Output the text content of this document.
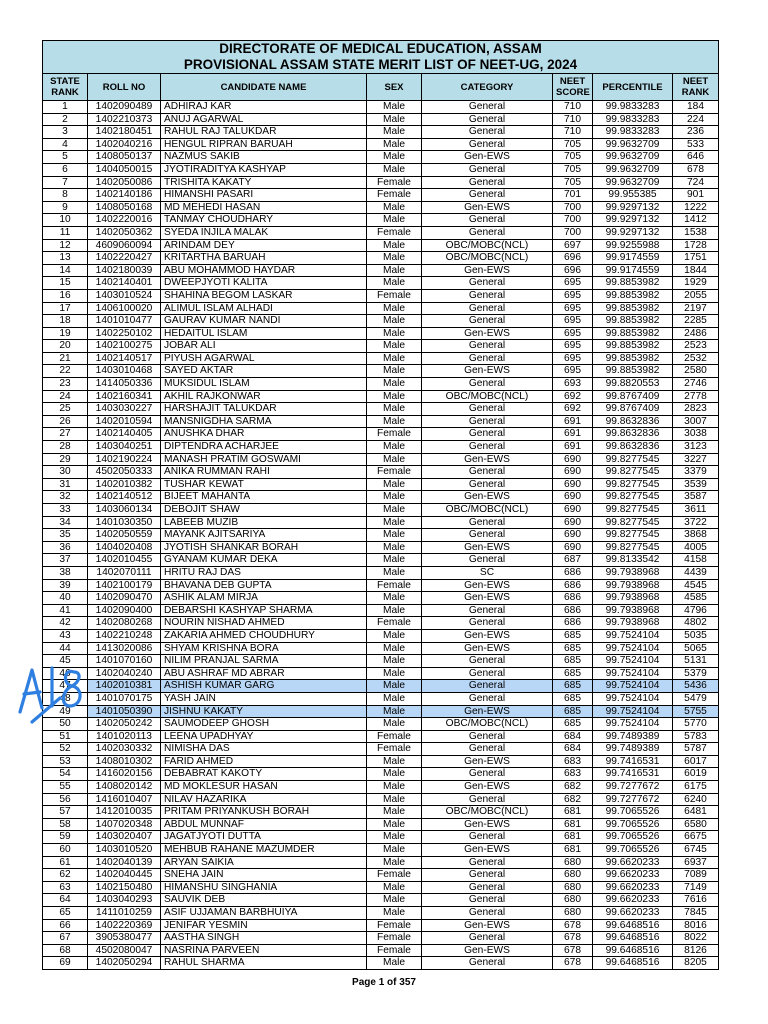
DIRECTORATE OF MEDICAL EDUCATION, ASSAM							
PROVISIONAL ASSAM STATE MERIT LIST OF NEET-UG, 2024							
STATE RANK	ROLL NO	CANDIDATE NAME	SEX	CATEGORY	NEET SCORE	PERCENTILE	NEET RANK
1	1402090489	ADHIRAJ KAR	Male	General	710	99.9833283	184
2	1402210373	ANUJ AGARWAL	Male	General	710	99.9833283	224
3	1402180451	RAHUL RAJ TALUKDAR	Male	General	710	99.9833283	236
4	1402040216	HENGUL RIPRAN BARUAH	Male	General	705	99.9632709	533
5	1408050137	NAZMUS SAKIB	Male	Gen-EWS	705	99.9632709	646
6	1404050015	JYOTIRADITYA KASHYAP	Male	General	705	99.9632709	678
7	1402050086	TRISHITA KAKATY	Female	General	705	99.9632709	724
8	1402140186	HIMANSHI PASARI	Female	General	701	99.955385	901
9	1408050168	MD MEHEDI HASAN	Male	Gen-EWS	700	99.9297132	1222
10	1402220016	TANMAY CHOUDHARY	Male	General	700	99.9297132	1412
11	1402050362	SYEDA INJILA MALAK	Female	General	700	99.9297132	1538
12	4609060094	ARINDAM DEY	Male	OBC/MOBC(NCL)	697	99.9255988	1728
13	1402220427	KRITARTHA BARUAH	Male	OBC/MOBC(NCL)	696	99.9174559	1751
14	1402180039	ABU MOHAMMOD HAYDAR	Male	Gen-EWS	696	99.9174559	1844
15	1402140401	DWEEPJYOTI KALITA	Male	General	695	99.8853982	1929
16	1403010524	SHAHINA BEGOM LASKAR	Female	General	695	99.8853982	2055
17	1406100020	ALIMUL ISLAM ALHADI	Male	General	695	99.8853982	2197
18	1401010477	GAURAV KUMAR NANDI	Male	General	695	99.8853982	2285
19	1402250102	HEDAITUL ISLAM	Male	Gen-EWS	695	99.8853982	2486
20	1402100275	JOBAR ALI	Male	General	695	99.8853982	2523
21	1402140517	PIYUSH AGARWAL	Male	General	695	99.8853982	2532
22	1403010468	SAYED AKTAR	Male	Gen-EWS	695	99.8853982	2580
23	1414050336	MUKSIDUL ISLAM	Male	General	693	99.8820553	2746
24	1402160341	AKHIL RAJKONWAR	Male	OBC/MOBC(NCL)	692	99.8767409	2778
25	1403030227	HARSHAJIT TALUKDAR	Male	General	692	99.8767409	2823
26	1402010594	MANSNIGDHA SARMA	Male	General	691	99.8632836	3007
27	1402140405	ANUSHKA DHAR	Female	General	691	99.8632836	3038
28	1403040251	DIPTENDRA ACHARJEE	Male	General	691	99.8632836	3123
29	1402190224	MANASH PRATIM GOSWAMI	Male	Gen-EWS	690	99.8277545	3227
30	4502050333	ANIKA RUMMAN RAHI	Female	General	690	99.8277545	3379
31	1402010382	TUSHAR KEWAT	Male	General	690	99.8277545	3539
32	1402140512	BIJEET MAHANTA	Male	Gen-EWS	690	99.8277545	3587
33	1403060134	DEBOJIT SHAW	Male	OBC/MOBC(NCL)	690	99.8277545	3611
34	1401030350	LABEEB MUZIB	Male	General	690	99.8277545	3722
35	1402050559	MAYANK AJITSARIYA	Male	General	690	99.8277545	3868
36	1404020408	JYOTISH SHANKAR BORAH	Male	Gen-EWS	690	99.8277545	4005
37	1402010455	GYANAM KUMAR DEKA	Male	General	687	99.8133542	4158
38	1402070111	HRITU RAJ DAS	Male	SC	686	99.7938968	4439
39	1402100179	BHAVANA DEB GUPTA	Female	Gen-EWS	686	99.7938968	4545
40	1402090470	ASHIK ALAM MIRJA	Male	Gen-EWS	686	99.7938968	4585
41	1402090400	DEBARSHI KASHYAP SHARMA	Male	General	686	99.7938968	4796
42	1402080268	NOURIN NISHAD AHMED	Female	General	686	99.7938968	4802
43	1402210248	ZAKARIA AHMED CHOUDHURY	Male	Gen-EWS	685	99.7524104	5035
44	1413020086	SHYAM KRISHNA BORA	Male	Gen-EWS	685	99.7524104	5065
45	1401070160	NILIM PRANJAL SARMA	Male	General	685	99.7524104	5131
46	1402040240	ABU ASHRAF MD ABRAR	Male	General	685	99.7524104	5379
47	1402010381	ASHISH KUMAR GARG	Male	General	685	99.7524104	5436
48	1401070175	YASH JAIN	Male	General	685	99.7524104	5479
49	1401050390	JISHNU KAKATY	Male	Gen-EWS	685	99.7524104	5755
50	1402050242	SAUMODEEP GHOSH	Male	OBC/MOBC(NCL)	685	99.7524104	5770
51	1401020113	LEENA UPADHYAY	Female	General	684	99.7489389	5783
52	1402030332	NIMISHA DAS	Female	General	684	99.7489389	5787
53	1408010302	FARID AHMED	Male	Gen-EWS	683	99.7416531	6017
54	1416020156	DEBABRAT KAKOTY	Male	General	683	99.7416531	6019
55	1408020142	MD MOKLESUR HASAN	Male	Gen-EWS	682	99.7277672	6175
56	1416010407	NILAV HAZARIKA	Male	General	682	99.7277672	6240
57	1412010035	PRITAM PRIYANKUSH BORAH	Male	OBC/MOBC(NCL)	681	99.7065526	6481
58	1407020348	ABDUL MUNNAF	Male	Gen-EWS	681	99.7065526	6580
59	1403020407	JAGATJYOTI DUTTA	Male	General	681	99.7065526	6675
60	1403010520	MEHBUB RAHANE MAZUMDER	Male	Gen-EWS	681	99.7065526	6745
61	1402040139	ARYAN SAIKIA	Male	General	680	99.6620233	6937
62	1402040445	SNEHA JAIN	Female	General	680	99.6620233	7089
63	1402150480	HIMANSHU SINGHANIA	Male	General	680	99.6620233	7149
64	1403040293	SAUVIK DEB	Male	General	680	99.6620233	7616
65	1411010259	ASIF UJJAMAN BARBHUIYA	Male	General	680	99.6620233	7845
66	1402220369	JENIFAR YESMIN	Female	Gen-EWS	678	99.6468516	8016
67	3905380477	AASTHA SINGH	Female	General	678	99.6468516	8022
68	4502080047	NASRINA PARVEEN	Female	Gen-EWS	678	99.6468516	8126
69	1402050294	RAHUL SHARMA	Male	General	678	99.6468516	8205
Page 1 of 357
